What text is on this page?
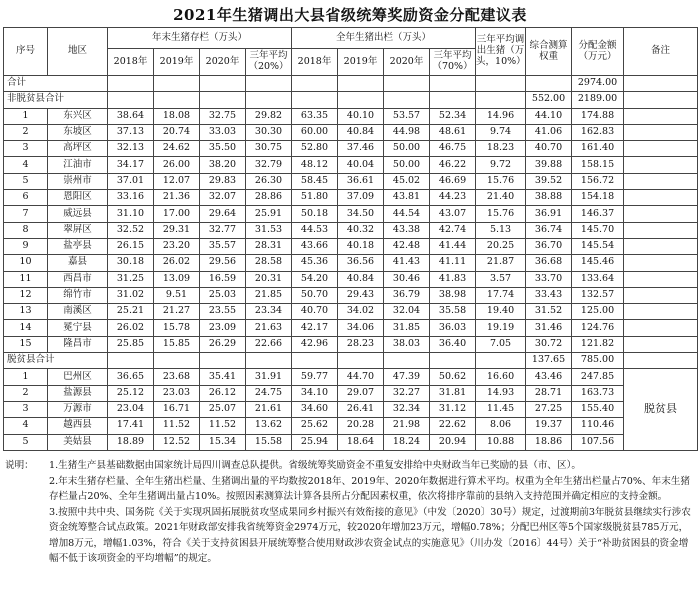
2021年生猪调出大县省级统筹奖励资金分配建议表
序号	地区	年末生猪存栏（万头）				全年生猪出栏（万头）				三年平均调出生猪（万头，10%）	综合测算权重	分配金额（万元）	备注
		2018年	2019年	2020年	三年平均（20%）	2018年	2019年	2020年	三年平均（70%）				
合计												2974.00	
非脱贫县合计											552.00	2189.00	
1	东兴区	38.64	18.08	32.75	29.82	63.35	40.10	53.57	52.34	14.96	44.10	174.88	
2	东坡区	37.13	20.74	33.03	30.30	60.00	40.84	44.98	48.61	9.74	41.06	162.83	
3	高坪区	32.13	24.62	35.50	30.75	52.80	37.46	50.00	46.75	18.23	40.70	161.40	
4	江油市	34.17	26.00	38.20	32.79	48.12	40.04	50.00	46.22	9.72	39.88	158.15	
5	崇州市	37.01	12.07	29.83	26.30	58.45	36.61	45.02	46.69	15.76	39.52	156.72	
6	恩阳区	33.16	21.36	32.07	28.86	51.80	37.09	43.81	44.23	21.40	38.88	154.18	
7	威远县	31.10	17.00	29.64	25.91	50.18	34.50	44.54	43.07	15.76	36.91	146.37	
8	翠屏区	32.52	29.31	32.77	31.53	44.53	40.32	43.38	42.74	5.13	36.74	145.70	
9	盐亭县	26.15	23.20	35.57	28.31	43.66	40.18	42.48	41.44	20.25	36.70	145.54	
10	嘉县	30.18	26.02	29.56	28.58	45.36	36.56	41.43	41.11	21.87	36.68	145.46	
11	西昌市	31.25	13.09	16.59	20.31	54.20	40.84	30.46	41.83	3.57	33.70	133.64	
12	绵竹市	31.02	9.51	25.03	21.85	50.70	29.43	36.79	38.98	17.74	33.43	132.57	
13	南溪区	25.21	21.27	23.55	23.34	40.70	34.02	32.04	35.58	19.40	31.52	125.00	
14	冕宁县	26.02	15.78	23.09	21.63	42.17	34.06	31.85	36.03	19.19	31.46	124.76	
15	隆昌市	25.85	15.85	26.29	22.66	42.96	28.23	38.03	36.40	7.05	30.72	121.82	
脱贫县合计											137.65	785.00	
1	巴州区	36.65	23.68	35.41	31.91	59.77	44.70	47.39	50.62	16.60	43.46	247.85	脱贫县
2	盐源县	25.12	23.03	26.12	24.75	34.10	29.07	32.27	31.81	14.93	28.71	163.73	
3	万源市	23.04	16.71	25.07	21.61	34.60	26.41	32.34	31.12	11.45	27.25	155.40	
4	越西县	17.41	11.52	11.52	13.62	25.62	20.28	21.98	22.62	8.06	19.37	110.46	
5	美姑县	18.89	12.52	15.34	15.58	25.94	18.64	18.24	20.94	10.88	18.86	107.56	
说明：	1.生猪生产县基础数据由国家统计局四川调查总队提供。省级统筹奖励资金不重复安排给中央财政当年已奖励的县（市、区）。

2.年末生猪存栏量、全年生猪出栏量、生猪调出量的平均数按2018年、2019年、2020年数据进行算术平均。权重为全年生猪出栏量占70%、年末生猪存栏量占20%、全年生猪调出量占10%。按照因素测算法计算各县所占分配因素权重，依次将排序靠前的县纳入支持范围并确定相应的支持金额。

3.按照中共中央、国务院《关于实现巩固拓展脱贫攻坚成果同乡村振兴有效衔接的意见》（中发〔2020〕30号）规定，过渡期前3年脱贫县继续实行涉农资金统筹整合试点政策。2021年财政部安排我省统筹资金2974万元，较2020年增加23万元，增幅0.78%；分配巴州区等5个国家级脱贫县785万元，增加8万元，增幅1.03%，符合《关于支持贫困县开展统筹整合使用财政涉农资金试点的实施意见》（川办发〔2016〕44号）关于“补助贫困县的资金增幅不低于该项资金的平均增幅”的规定。
